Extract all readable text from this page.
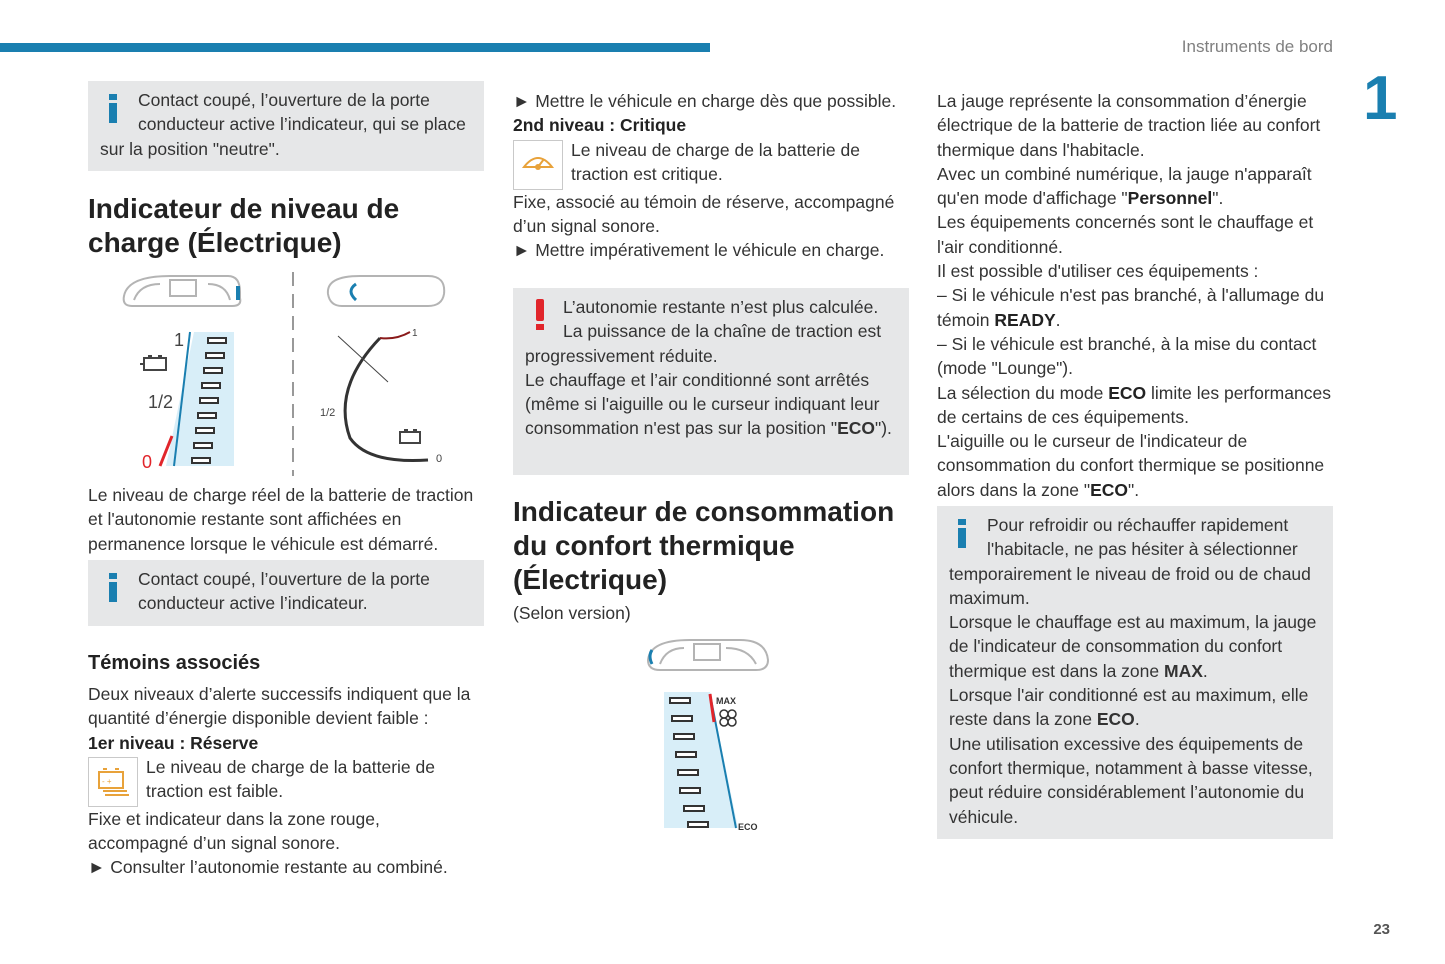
Instruments de bord
1
23
Contact coupé, l’ouverture de la porte conducteur active l’indicateur, qui se place sur la position "neutre".
Indicateur de niveau de
charge (Électrique)
1
1/2
0
1
1/2
0
Le niveau de charge réel de la batterie de traction et l'autonomie restante sont affichées en permanence lorsque le véhicule est démarré.
Contact coupé, l’ouverture de la porte conducteur active l’indicateur.
Témoins associés
Deux niveaux d’alerte successifs indiquent que la quantité d’énergie disponible devient faible :
1er niveau : Réserve
- +
Le niveau de charge de la batterie de traction est faible.
Fixe et indicateur dans la zone rouge, accompagné d’un signal sonore.
► Consulter l’autonomie restante au combiné.
► Mettre le véhicule en charge dès que possible.
2nd niveau : Critique
Le niveau de charge de la batterie de traction est critique.
Fixe, associé au témoin de réserve, accompagné d’un signal sonore.
► Mettre impérativement le véhicule en charge.
L’autonomie restante n’est plus calculée.
La puissance de la chaîne de traction est progressivement réduite.
Le chauffage et l’air conditionné sont arrêtés (même si l'aiguille ou le curseur indiquant leur consommation n'est pas sur la position "ECO").
Indicateur de consommation
du confort thermique
(Électrique)
(Selon version)
MAX
ECO
La jauge représente la consommation d’énergie électrique de la batterie de traction liée au confort thermique dans l'habitacle.
Avec un combiné numérique, la jauge n'apparaît qu'en mode d'affichage "Personnel".
Les équipements concernés sont le chauffage et l'air conditionné.
Il est possible d'utiliser ces équipements :
– Si le véhicule n'est pas branché, à l'allumage du témoin READY.
– Si le véhicule est branché, à la mise du contact (mode "Lounge").
La sélection du mode ECO limite les performances de certains de ces équipements.
L'aiguille ou le curseur de l'indicateur de consommation du confort thermique se positionne alors dans la zone "ECO".
Pour refroidir ou réchauffer rapidement l'habitacle, ne pas hésiter à sélectionner temporairement le niveau de froid ou de chaud maximum.
Lorsque le chauffage est au maximum, la jauge de l'indicateur de consommation du confort thermique est dans la zone MAX.
Lorsque l'air conditionné est au maximum, elle reste dans la zone ECO.
Une utilisation excessive des équipements de confort thermique, notamment à basse vitesse, peut réduire considérablement l’autonomie du véhicule.
